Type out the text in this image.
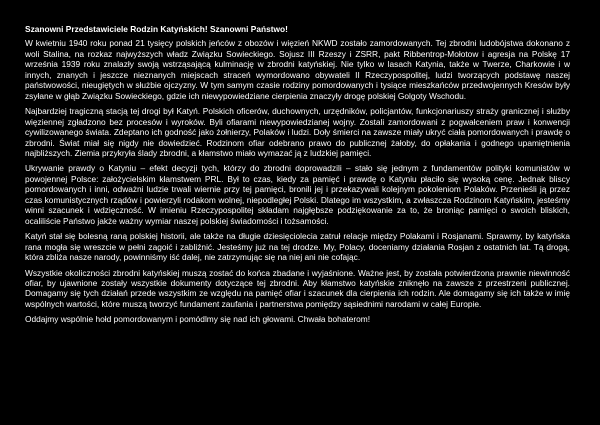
Szanowni Przedstawiciele Rodzin Katyńskich! Szanowni Państwo!

W kwietniu 1940 roku ponad 21 tysięcy polskich jeńców z obozów i więzień NKWD zostało zamordowanych. Tej zbrodni ludobójstwa dokonano z woli Stalina, na rozkaz najwyższych władz Związku Sowieckiego. Sojusz III Rzeszy i ZSRR, pakt Ribbentrop-Mołotow i agresja na Polskę 17 września 1939 roku znalazły swoją wstrząsającą kulminację w zbrodni katyńskiej. Nie tylko w lasach Katynia, także w Twerze, Charkowie i w innych, znanych i jeszcze nieznanych miejscach straceń wymordowano obywateli II Rzeczypospolitej, ludzi tworzących podstawę naszej państwowości, nieugiętych w służbie ojczyzny. W tym samym czasie rodziny pomordowanych i tysiące mieszkańców przedwojennych Kresów były zsyłane w głąb Związku Sowieckiego, gdzie ich niewypowiedziane cierpienia znaczyły drogę polskiej Golgoty Wschodu.

Najbardziej tragiczną stacją tej drogi był Katyń. Polskich oficerów, duchownych, urzędników, policjantów, funkcjonariuszy straży granicznej i służby więziennej zgładzono bez procesów i wyroków. Byli ofiarami niewypowiedzianej wojny. Zostali zamordowani z pogwałceniem praw i konwencji cywilizowanego świata. Zdeptano ich godność jako żołnierzy, Polaków i ludzi. Doły śmierci na zawsze miały ukryć ciała pomordowanych i prawdę o zbrodni. Świat miał się nigdy nie dowiedzieć. Rodzinom ofiar odebrano prawo do publicznej żałoby, do opłakania i godnego upamiętnienia najbliższych. Ziemia przykryła ślady zbrodni, a kłamstwo miało wymazać ją z ludzkiej pamięci.

Ukrywanie prawdy o Katyniu – efekt decyzji tych, którzy do zbrodni doprowadzili – stało się jednym z fundamentów polityki komunistów w powojennej Polsce: założycielskim kłamstwem PRL. Był to czas, kiedy za pamięć i prawdę o Katyniu płaciło się wysoką cenę. Jednak bliscy pomordowanych i inni, odważni ludzie trwali wiernie przy tej pamięci, bronili jej i przekazywali kolejnym pokoleniom Polaków. Przenieśli ją przez czas komunistycznych rządów i powierzyli rodakom wolnej, niepodległej Polski. Dlatego im wszystkim, a zwłaszcza Rodzinom Katyńskim, jesteśmy winni szacunek i wdzięczność. W imieniu Rzeczypospolitej składam najgłębsze podziękowanie za to, że broniąc pamięci o swoich bliskich, ocaliliście Państwo jakże ważny wymiar naszej polskiej świadomości i tożsamości.

Katyń stał się bolesną raną polskiej historii, ale także na długie dziesięciolecia zatruł relacje między Polakami i Rosjanami. Sprawmy, by katyńska rana mogła się wreszcie w pełni zagoić i zabliźnić. Jesteśmy już na tej drodze. My, Polacy, doceniamy działania Rosjan z ostatnich lat. Tą drogą, która zbliża nasze narody, powinniśmy iść dalej, nie zatrzymując się na niej ani nie cofając.

Wszystkie okoliczności zbrodni katyńskiej muszą zostać do końca zbadane i wyjaśnione. Ważne jest, by została potwierdzona prawnie niewinność ofiar, by ujawnione zostały wszystkie dokumenty dotyczące tej zbrodni. Aby kłamstwo katyńskie zniknęło na zawsze z przestrzeni publicznej. Domagamy się tych działań przede wszystkim ze względu na pamięć ofiar i szacunek dla cierpienia ich rodzin. Ale domagamy się ich także w imię wspólnych wartości, które muszą tworzyć fundament zaufania i partnerstwa pomiędzy sąsiednimi narodami w całej Europie.

Oddajmy wspólnie hołd pomordowanym i pomódlmy się nad ich głowami. Chwała bohaterom!
